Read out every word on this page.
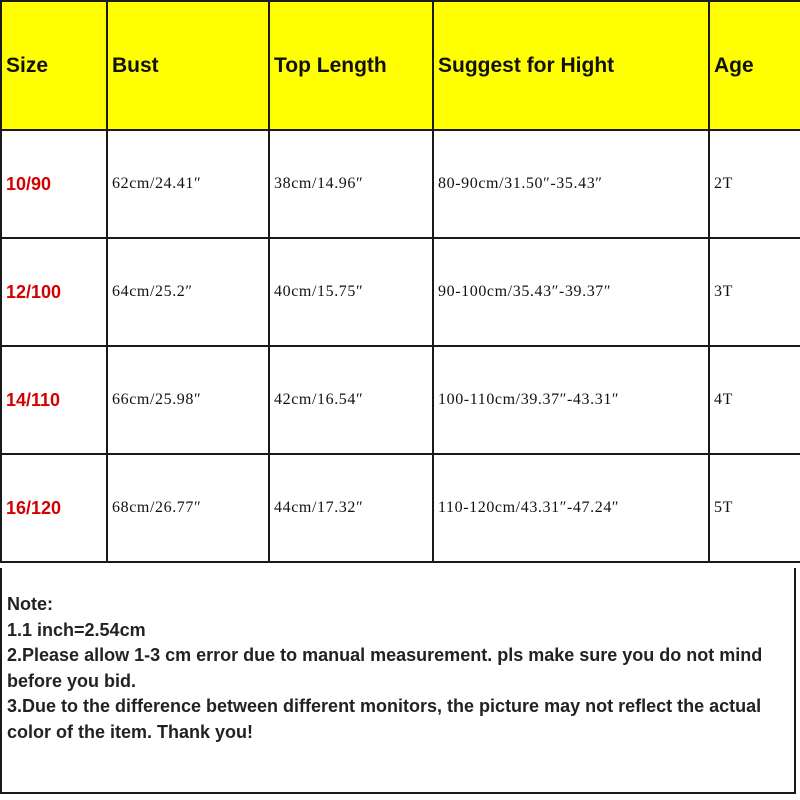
Size	Bust	Top Length	Suggest for Hight	Age
10/90	62cm/24.41″	38cm/14.96″	80-90cm/31.50″-35.43″	2T
12/100	64cm/25.2″	40cm/15.75″	90-100cm/35.43″-39.37″	3T
14/110	66cm/25.98″	42cm/16.54″	100-110cm/39.37″-43.31″	4T
16/120	68cm/26.77″	44cm/17.32″	110-120cm/43.31″-47.24″	5T

Note:

1.1 inch=2.54cm

2.Please allow 1-3 cm error due to manual measurement. pls make sure you do not mind before you bid.

3.Due to the difference between different monitors, the picture may not reflect the actual color of the item. Thank you!
